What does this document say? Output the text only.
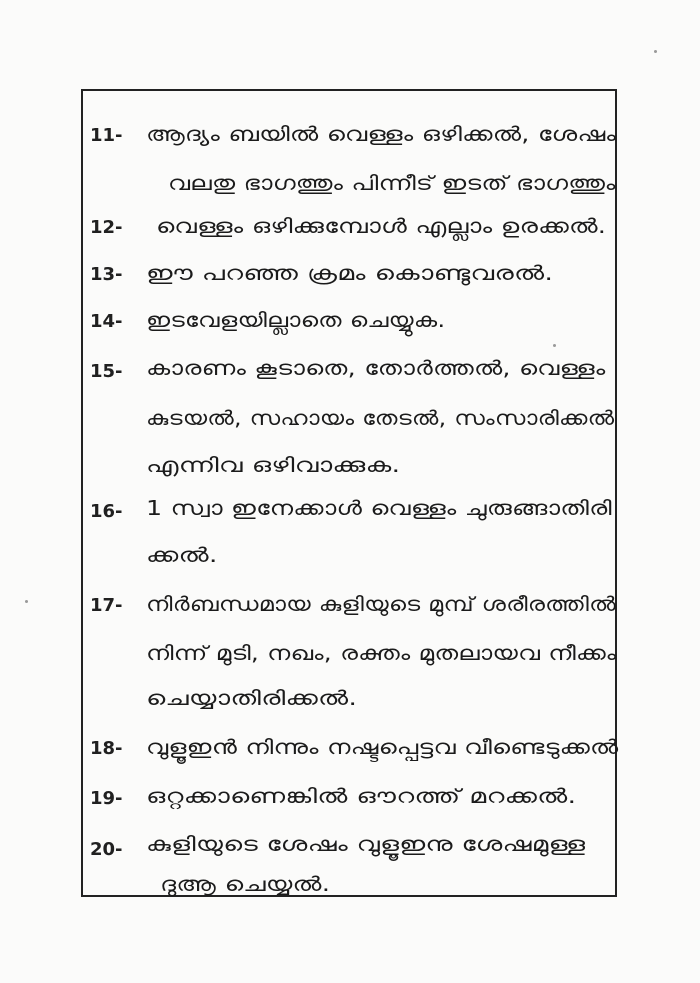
11- ആദ്യം ബയിൽ വെള്ളം ഒഴിക്കൽ, ശേഷം
വലതു ഭാഗത്തും പിന്നീട് ഇടത് ഭാഗത്തും
12- വെള്ളം ഒഴിക്കുമ്പോൾ എല്ലാം ഉരക്കൽ.
13- ഈ പറഞ്ഞ ക്രമം കൊണ്ടുവരൽ.
14- ഇടവേളയില്ലാതെ ചെയ്യുക.
15- കാരണം കൂടാതെ, തോർത്തൽ, വെള്ളം
കുടയൽ, സഹായം തേടൽ, സംസാരിക്കൽ
എന്നിവ ഒഴിവാക്കുക.
16- 1 സ്വാ ഇനേക്കാൾ വെള്ളം ചുരുങ്ങാതിരി
ക്കൽ.
17- നിർബന്ധമായ കുളിയുടെ മുമ്പ് ശരീരത്തിൽ
നിന്ന് മുടി, നഖം, രക്തം മുതലായവ നീക്കം
ചെയ്യാതിരിക്കൽ.
18- വുളൂഇൻ നിന്നും നഷ്ടപ്പെട്ടവ വീണ്ടെടുക്കൽ
19- ഒറ്റക്കാണെങ്കിൽ ഔറത്ത് മറക്കൽ.
20- കുളിയുടെ ശേഷം വുളൂഇനു ശേഷമുള്ള
ദുആ ചെയ്യൽ.
